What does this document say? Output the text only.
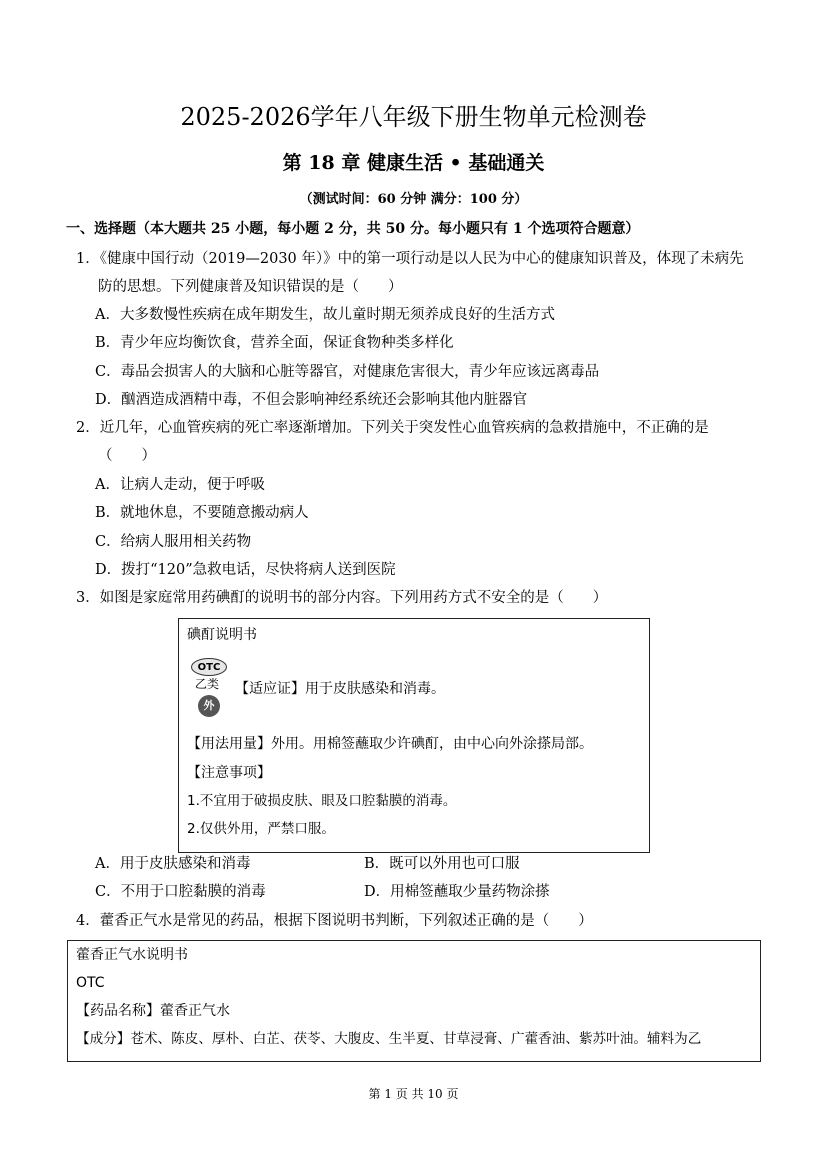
2025-2026学年八年级下册生物单元检测卷
第 18 章 健康生活 • 基础通关
（测试时间：60 分钟 满分：100 分）
一、选择题（本大题共 25 小题，每小题 2 分，共 50 分。每小题只有 1 个选项符合题意）
1．《健康中国行动（2019—2030 年）》中的第一项行动是以人民为中心的健康知识普及，体现了未病先
防的思想。下列健康普及知识错误的是（　　）
A．大多数慢性疾病在成年期发生，故儿童时期无须养成良好的生活方式
B．青少年应均衡饮食，营养全面，保证食物种类多样化
C．毒品会损害人的大脑和心脏等器官，对健康危害很大，青少年应该远离毒品
D．酗酒造成酒精中毒，不但会影响神经系统还会影响其他内脏器官
2．近几年，心血管疾病的死亡率逐渐增加。下列关于突发性心血管疾病的急救措施中，不正确的是
（　　）
A．让病人走动，便于呼吸
B．就地休息，不要随意搬动病人
C．给病人服用相关药物
D．拨打“120”急救电话，尽快将病人送到医院
3．如图是家庭常用药碘酊的说明书的部分内容。下列用药方式不安全的是（　　）
碘酊说明书
OTC
乙类
外
【适应证】用于皮肤感染和消毒。
【用法用量】外用。用棉签蘸取少许碘酊，由中心向外涂搽局部。
【注意事项】
1.不宜用于破损皮肤、眼及口腔黏膜的消毒。
2.仅供外用，严禁口服。
A．用于皮肤感染和消毒	B．既可以外用也可口服
C．不用于口腔黏膜的消毒	D．用棉签蘸取少量药物涂搽
4．藿香正气水是常见的药品，根据下图说明书判断，下列叙述正确的是（　　）
藿香正气水说明书
OTC
【药品名称】藿香正气水
【成分】苍术、陈皮、厚朴、白芷、茯苓、大腹皮、生半夏、甘草浸膏、广藿香油、紫苏叶油。辅料为乙
第 1 页 共 10 页
